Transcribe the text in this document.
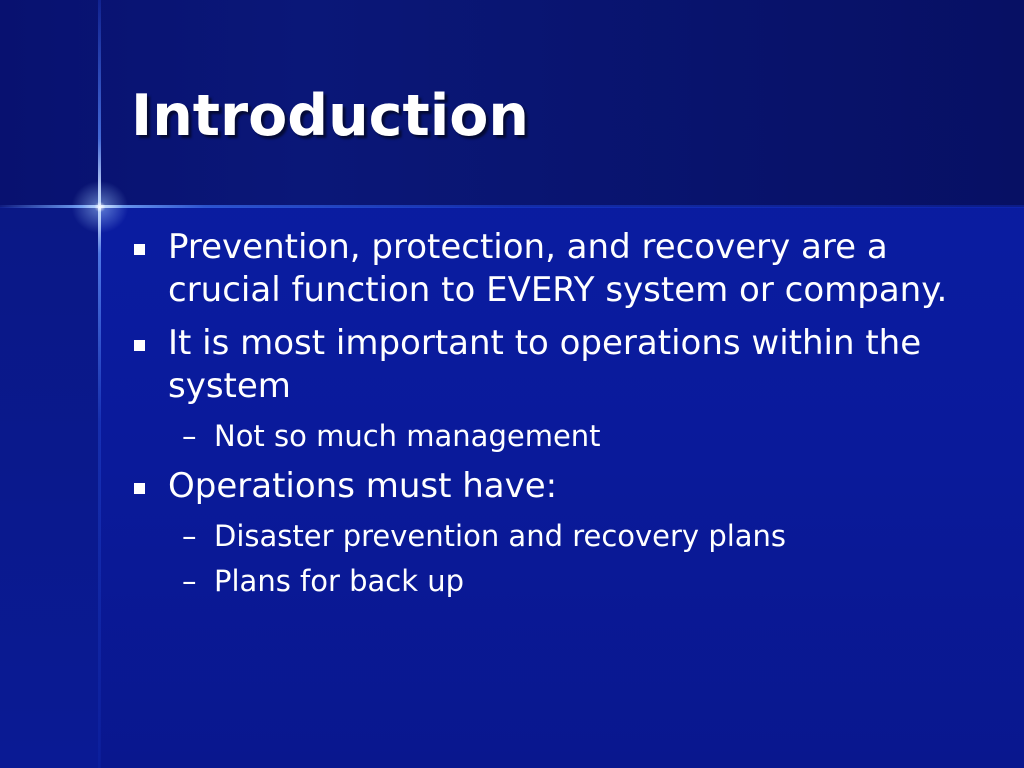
Introduction
Prevention, protection, and recovery are a crucial function to EVERY system or company.
It is most important to operations within the system
– Not so much management
Operations must have:
– Disaster prevention and recovery plans
– Plans for back up
